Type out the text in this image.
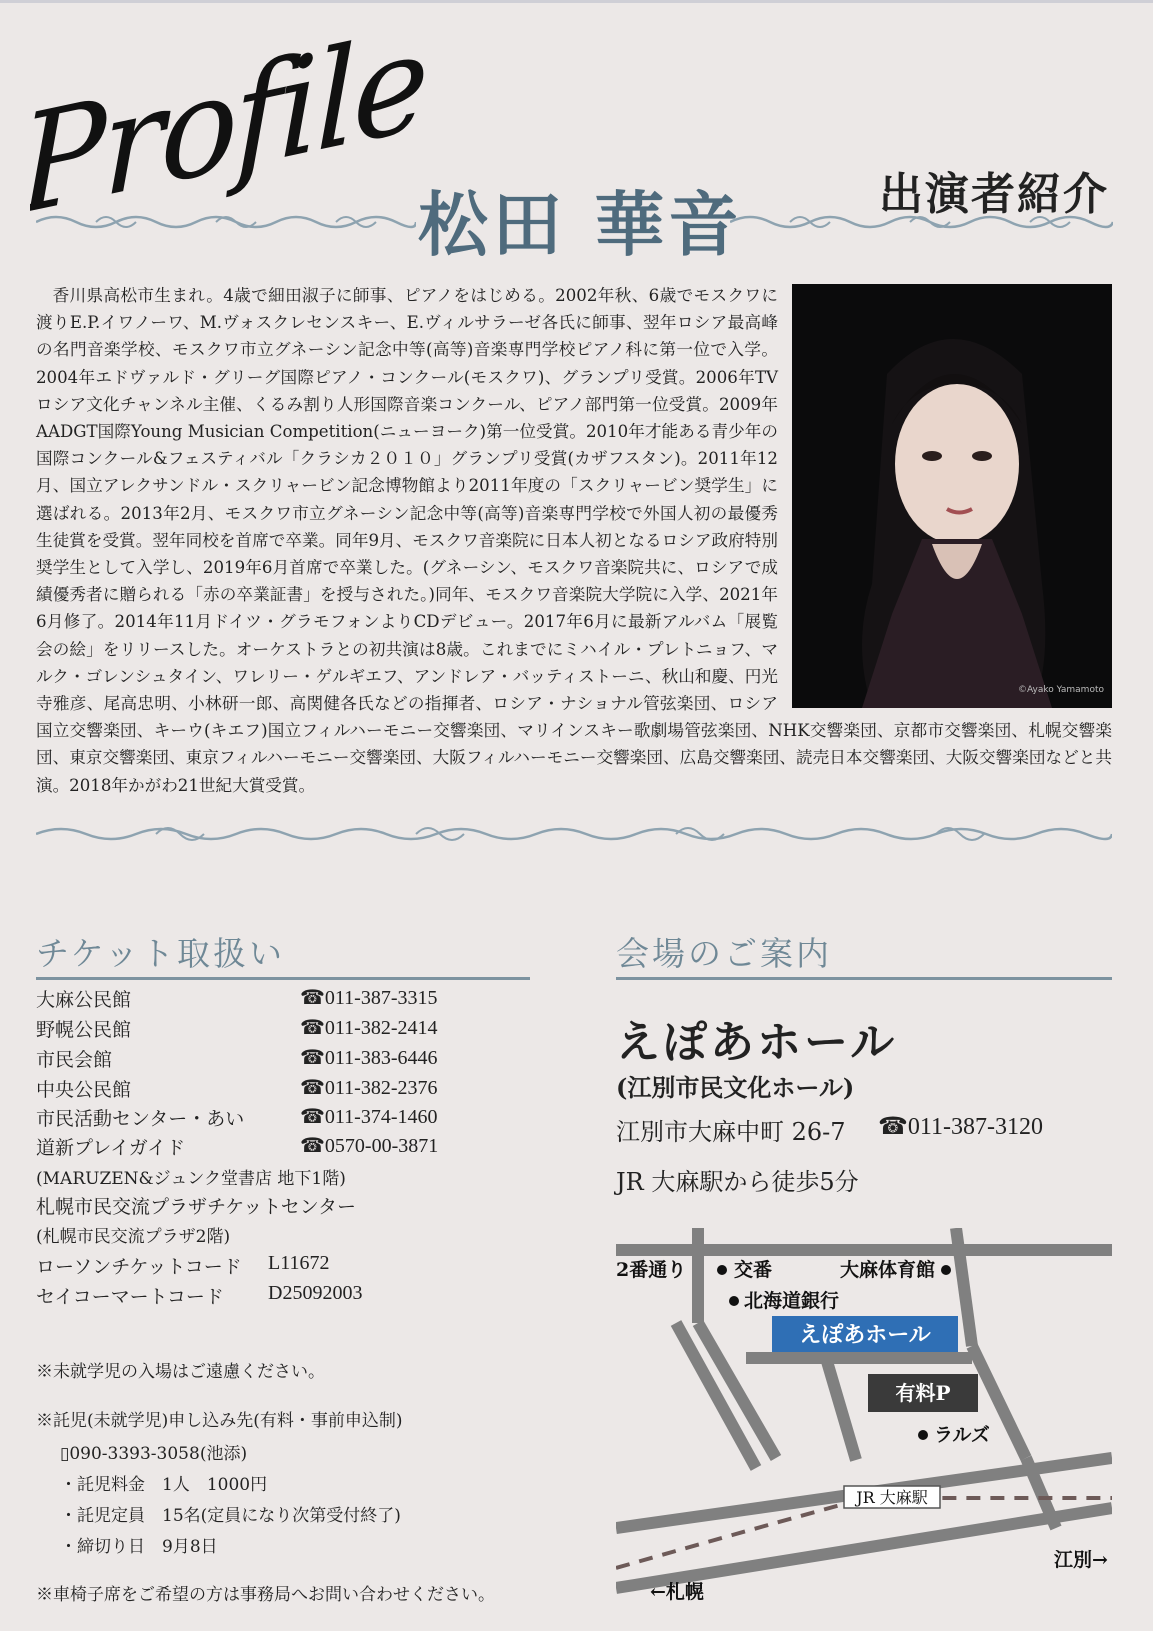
Profile
松田 華音	出演者紹介
©Ayako Yamamoto

香川県高松市生まれ。4歳で細田淑子に師事、ピアノをはじめる。2002年秋、6歳でモスクワに渡りE.P.イワノーワ、M.ヴォスクレセンスキー、E.ヴィルサラーゼ各氏に師事、翌年ロシア最高峰の名門音楽学校、モスクワ市立グネーシン記念中等(高等)音楽専門学校ピアノ科に第一位で入学。2004年エドヴァルド・グリーグ国際ピアノ・コンクール(モスクワ)、グランプリ受賞。2006年TVロシア文化チャンネル主催、くるみ割り人形国際音楽コンクール、ピアノ部門第一位受賞。2009年AADGT国際Young Musician Competition(ニューヨーク)第一位受賞。2010年才能ある青少年の国際コンクール&フェスティバル「クラシカ２０１０」グランプリ受賞(カザフスタン)。2011年12月、国立アレクサンドル・スクリャービン記念博物館より2011年度の「スクリャービン奨学生」に選ばれる。2013年2月、モスクワ市立グネーシン記念中等(高等)音楽専門学校で外国人初の最優秀生徒賞を受賞。翌年同校を首席で卒業。同年9月、モスクワ音楽院に日本人初となるロシア政府特別奨学生として入学し、2019年6月首席で卒業した。(グネーシン、モスクワ音楽院共に、ロシアで成績優秀者に贈られる「赤の卒業証書」を授与された。)同年、モスクワ音楽院大学院に入学、2021年6月修了。2014年11月ドイツ・グラモフォンよりCDデビュー。2017年6月に最新アルバム「展覧会の絵」をリリースした。オーケストラとの初共演は8歳。これまでにミハイル・プレトニョフ、マルク・ゴレンシュタイン、ワレリー・ゲルギエフ、アンドレア・バッティストーニ、秋山和慶、円光寺雅彦、尾高忠明、小林研一郎、高関健各氏などの指揮者、ロシア・ナショナル管弦楽団、ロシア国立交響楽団、キーウ(キエフ)国立フィルハーモニー交響楽団、マリインスキー歌劇場管弦楽団、NHK交響楽団、京都市交響楽団、札幌交響楽団、東京交響楽団、東京フィルハーモニー交響楽団、大阪フィルハーモニー交響楽団、広島交響楽団、読売日本交響楽団、大阪交響楽団などと共演。2018年かがわ21世紀大賞受賞。

チケット取扱い
大麻公民館	☎011-387-3315
野幌公民館	☎011-382-2414
市民会館	☎011-383-6446
中央公民館	☎011-382-2376
市民活動センター・あい	☎011-374-1460
道新プレイガイド	☎0570-00-3871
(MARUZEN&ジュンク堂書店 地下1階)
札幌市民交流プラザチケットセンター
(札幌市民交流プラザ2階)
ローソンチケットコード L11672
セイコーマートコード D25092003
※未就学児の入場はご遠慮ください。
※託児(未就学児)申し込み先(有料・事前申込制)
▯090-3393-3058(池添)
・託児料金　1人　1000円
・託児定員　15名(定員になり次第受付終了)
・締切り日　9月8日
※車椅子席をご希望の方は事務局へお問い合わせください。
会場のご案内
えぽあホール
(江別市民文化ホール)
江別市大麻中町 26-7 ☎011-387-3120
JR 大麻駅から徒歩5分
2番通り	交番	大麻体育館
北海道銀行
えぽあホール
有料P
ラルズ
JR 大麻駅
江別→
←札幌
